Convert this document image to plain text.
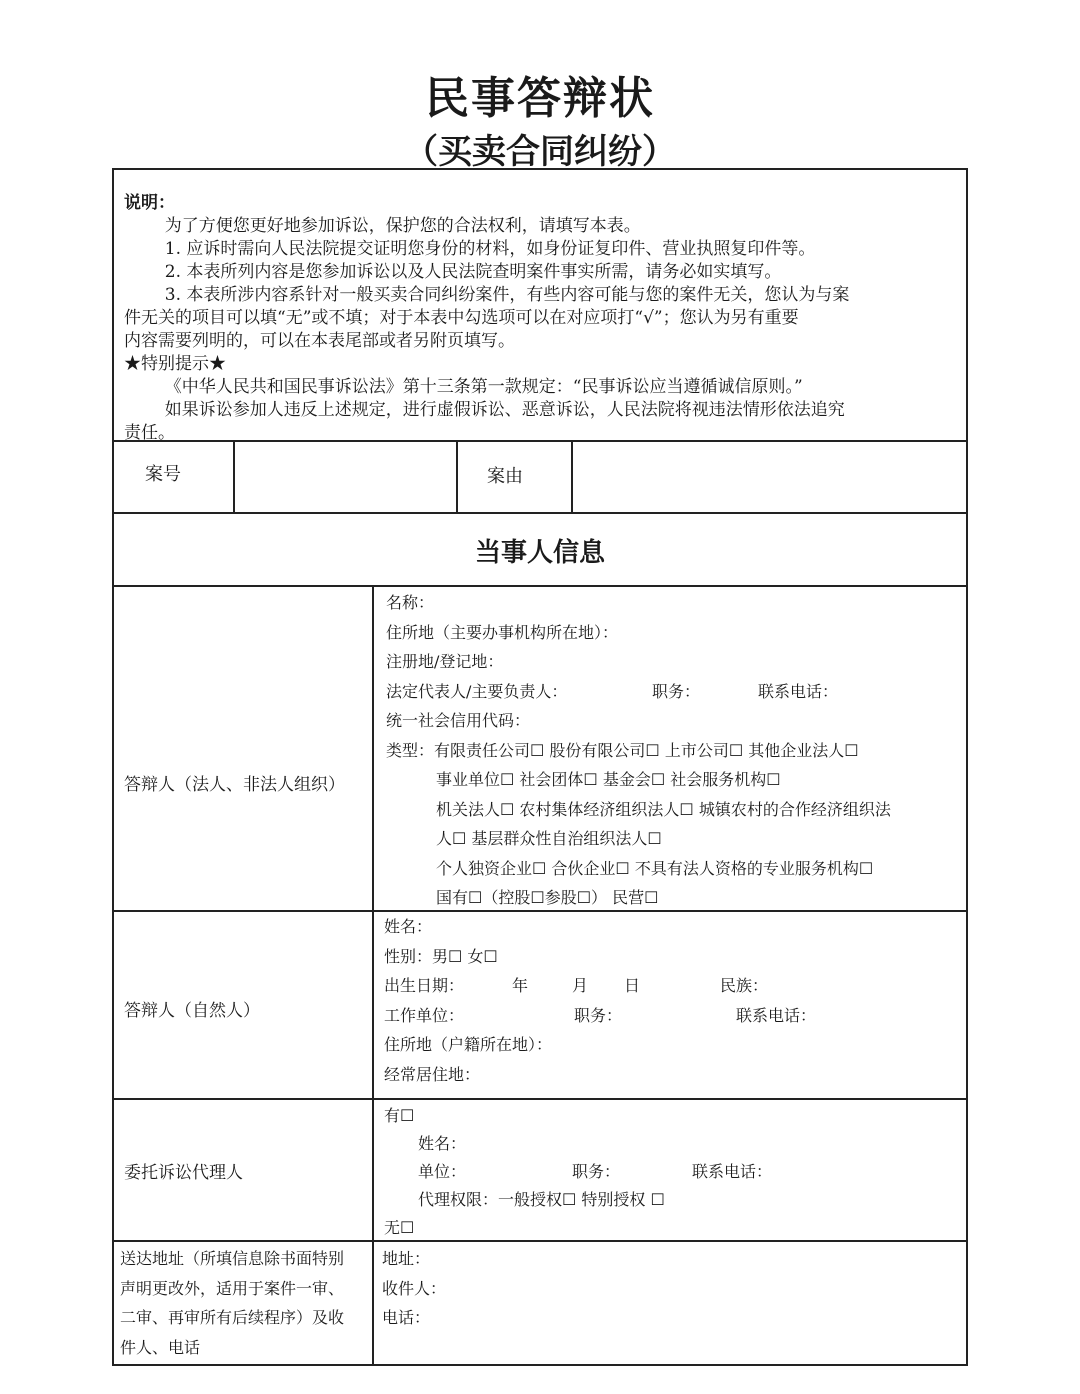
民事答辩状
（买卖合同纠纷）

说明：

为了方便您更好地参加诉讼，保护您的合法权利，请填写本表。

1. 应诉时需向人民法院提交证明您身份的材料，如身份证复印件、营业执照复印件等。

2. 本表所列内容是您参加诉讼以及人民法院查明案件事实所需，请务必如实填写。

3. 本表所涉内容系针对一般买卖合同纠纷案件，有些内容可能与您的案件无关，您认为与案

件无关的项目可以填“无”或不填；对于本表中勾选项可以在对应项打“√”；您认为另有重要

内容需要列明的，可以在本表尾部或者另附页填写。

★特别提示★

《中华人民共和国民事诉讼法》第十三条第一款规定：“民事诉讼应当遵循诚信原则。”

如果诉讼参加人违反上述规定，进行虚假诉讼、恶意诉讼，人民法院将视违法情形依法追究

责任。

案号	案由
当事人信息
答辩人（法人、非法人组织）
名称：
住所地（主要办事机构所在地）：
注册地/登记地：
法定代表人/主要负责人：	职务：	联系电话：
统一社会信用代码：
类型：有限责任公司☐ 股份有限公司☐ 上市公司☐ 其他企业法人☐
事业单位☐ 社会团体☐ 基金会☐ 社会服务机构☐
机关法人☐ 农村集体经济组织法人☐ 城镇农村的合作经济组织法
人☐ 基层群众性自治组织法人☐
个人独资企业☐ 合伙企业☐ 不具有法人资格的专业服务机构☐
国有☐（控股☐参股☐） 民营☐
答辩人（自然人）
姓名：
性别：男☐ 女☐
出生日期：	年	月 日	民族：
工作单位：	职务：	联系电话：
住所地（户籍所在地）：
经常居住地：
委托诉讼代理人
有☐
姓名：
单位：	职务：	联系电话：
代理权限：一般授权☐ 特别授权 ☐
无☐
送达地址（所填信息除书面特别
声明更改外，适用于案件一审、
二审、再审所有后续程序）及收
件人、电话
地址：
收件人：
电话：
